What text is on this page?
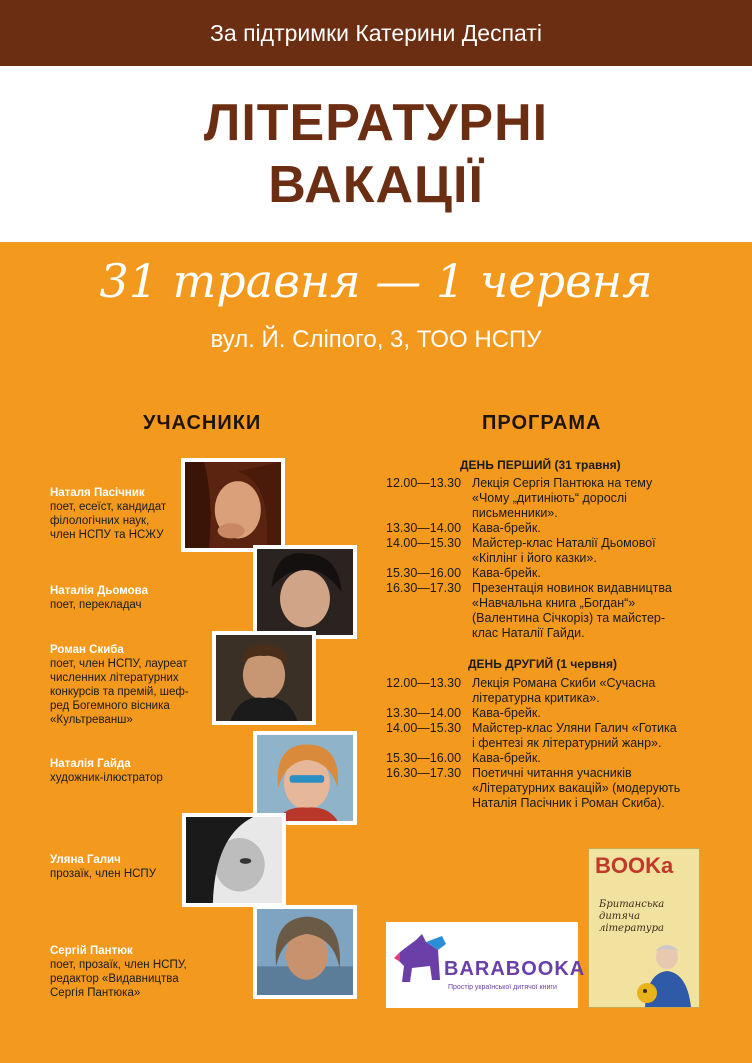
За підтримки Катерини Деспаті
ЛІТЕРАТУРНІ
ВАКАЦІЇ
31 травня — 1 червня
вул. Й. Сліпого, 3, ТОО НСПУ
УЧАСНИКИ	ПРОГРАМА
Наталя Пасічник
поет, есеїст, кандидат
філологічних наук,
член НСПУ та НСЖУ
Наталія Дьомова
поет, перекладач
Роман Скиба
поет, член НСПУ, лауреат
численних літературних
конкурсів та премій, шеф-
ред Богемного вісника
«Культреванш»
Наталія Гайда
художник-ілюстратор
Уляна Галич
прозаїк, член НСПУ
Сергій Пантюк
поет, прозаїк, член НСПУ,
редактор «Видавництва
Сергія Пантюка»
ДЕНЬ ПЕРШИЙ (31 травня)
12.00—13.30 Лекція Сергія Пантюка на тему
«Чому „дитиніють“ дорослі
письменники».
13.30—14.00 Кава-брейк.
14.00—15.30 Майстер-клас Наталії Дьомової
«Кіплінг і його казки».
15.30—16.00 Кава-брейк.
16.30—17.30 Презентація новинок видавництва
«Навчальна книга „Богдан“»
(Валентина Січкоріз) та майстер-
клас Наталії Гайди.
ДЕНЬ ДРУГИЙ (1 червня)
12.00—13.30 Лекція Романа Скиби «Сучасна
літературна критика».
13.30—14.00 Кава-брейк.
14.00—15.30 Майстер-клас Уляни Галич «Готика
і фентезі як літературний жанр».
15.30—16.00 Кава-брейк.
16.30—17.30 Поетичні читання учасників
«Літературних вакацій» (модерують
Наталія Пасічник і Роман Скиба).
BARABOOKA
Простір української дитячої книги
BOOKa
Британська дитяча література
